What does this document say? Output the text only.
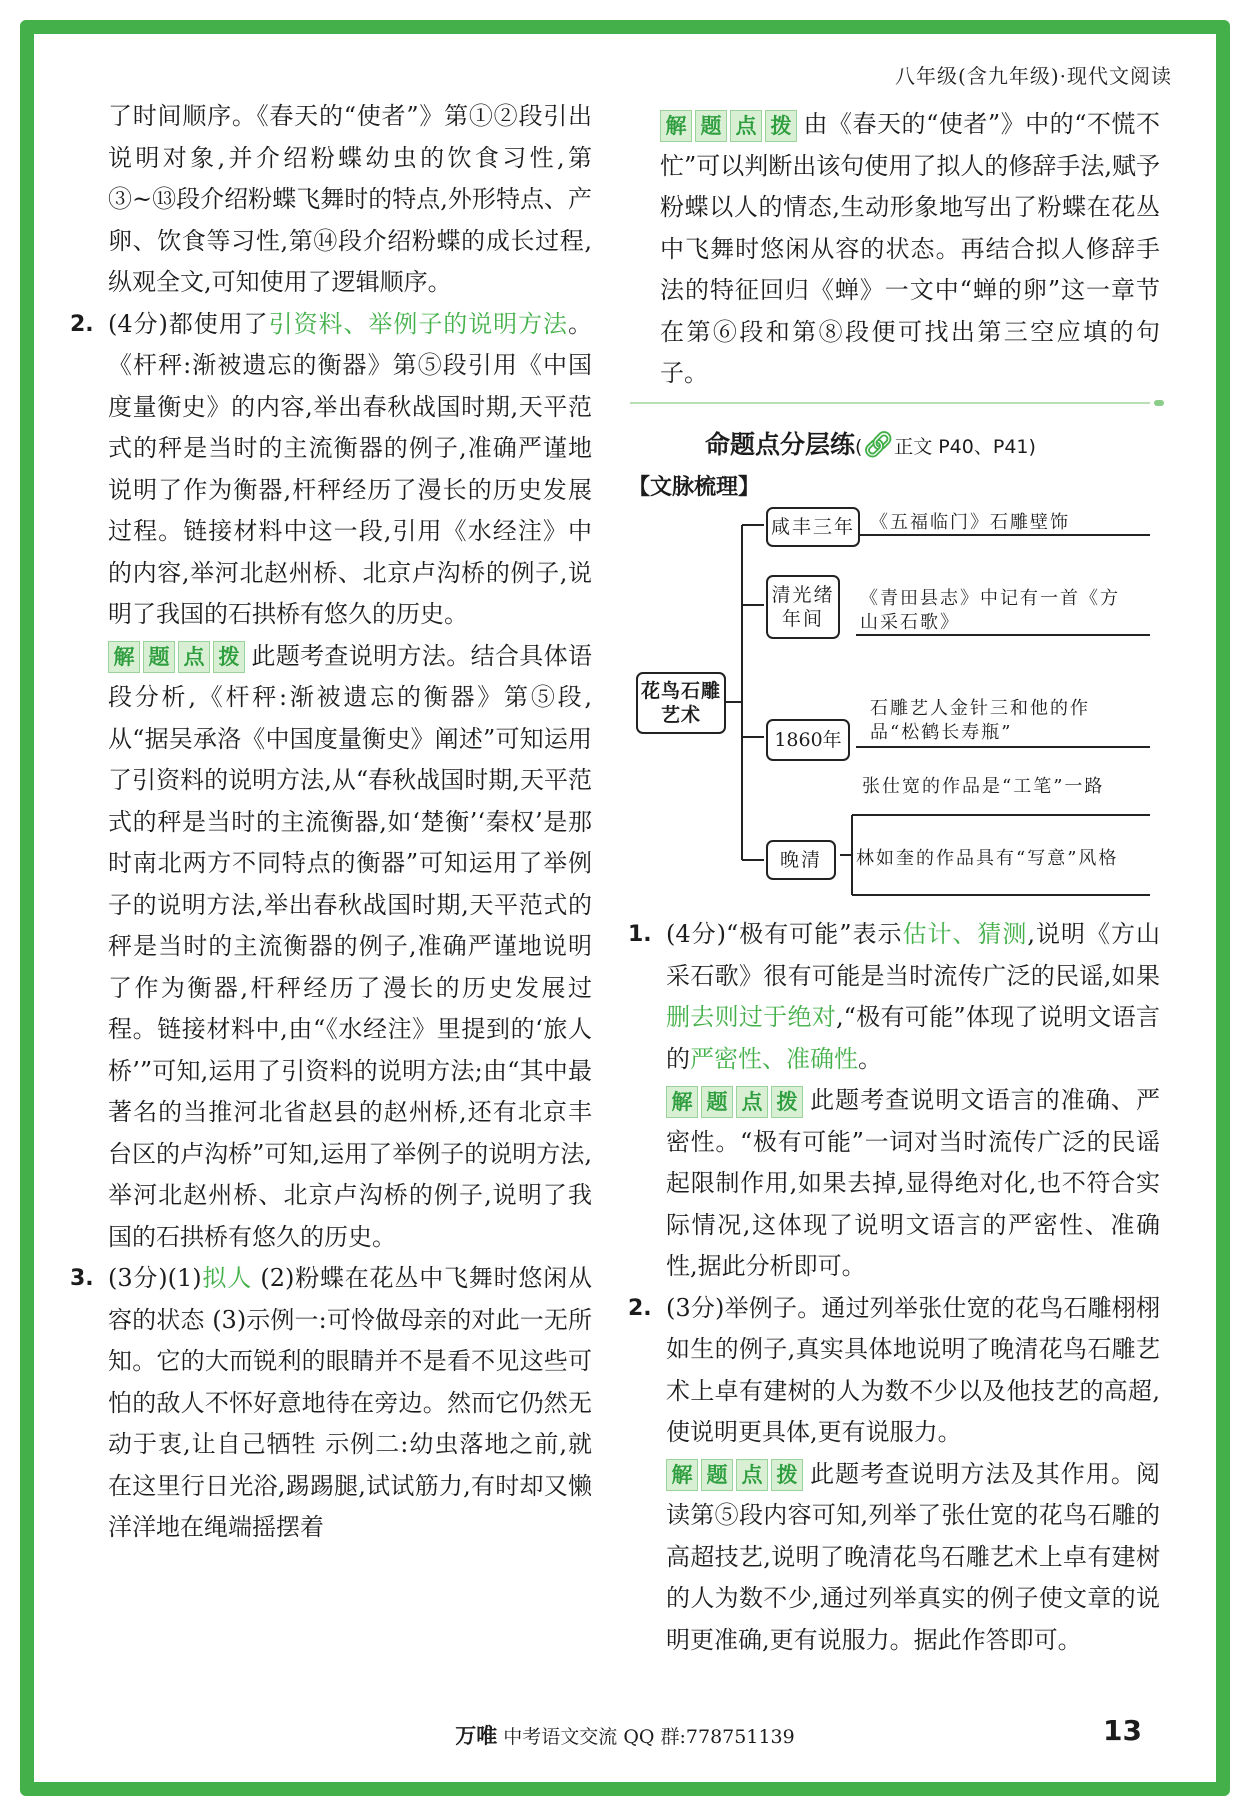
八年级(含九年级)·现代文阅读

了时间顺序。《春天的“使者”》第①②段引出说明对象,并介绍粉蝶幼虫的饮食习性,第③~⑬段介绍粉蝶飞舞时的特点,外形特点、产卵、饮食等习性,第⑭段介绍粉蝶的成长过程,纵观全文,可知使用了逻辑顺序。

2. (4分)都使用了引资料、举例子的说明方法。《杆秤:渐被遗忘的衡器》第⑤段引用《中国度量衡史》的内容,举出春秋战国时期,天平范式的秤是当时的主流衡器的例子,准确严谨地说明了作为衡器,杆秤经历了漫长的历史发展过程。链接材料中这一段,引用《水经注》中的内容,举河北赵州桥、北京卢沟桥的例子,说明了我国的石拱桥有悠久的历史。
解 题 点 拨 此题考查说明方法。结合具体语段分析,《杆秤:渐被遗忘的衡器》第⑤段,从“据吴承洛《中国度量衡史》阐述”可知运用了引资料的说明方法,从“春秋战国时期,天平范式的秤是当时的主流衡器,如‘楚衡’‘秦权’是那时南北两方不同特点的衡器”可知运用了举例子的说明方法,举出春秋战国时期,天平范式的秤是当时的主流衡器的例子,准确严谨地说明了作为衡器,杆秤经历了漫长的历史发展过程。链接材料中,由“《水经注》里提到的‘旅人桥’”可知,运用了引资料的说明方法;由“其中最著名的当推河北省赵县的赵州桥,还有北京丰台区的卢沟桥”可知,运用了举例子的说明方法,举河北赵州桥、北京卢沟桥的例子,说明了我国的石拱桥有悠久的历史。
3. (3分)(1)拟人 (2)粉蝶在花丛中飞舞时悠闲从容的状态 (3)示例一:可怜做母亲的对此一无所知。它的大而锐利的眼睛并不是看不见这些可怕的敌人不怀好意地待在旁边。然而它仍然无动于衷,让自己牺牲 示例二:幼虫落地之前,就在这里行日光浴,踢踢腿,试试筋力,有时却又懒洋洋地在绳端摇摆着
解 题 点 拨 由《春天的“使者”》中的“不慌不忙”可以判断出该句使用了拟人的修辞手法,赋予粉蝶以人的情态,生动形象地写出了粉蝶在花丛中飞舞时悠闲从容的状态。再结合拟人修辞手法的特征回归《蝉》一文中“蝉的卵”这一章节在第⑥段和第⑧段便可找出第三空应填的句子。
命题点分层练(🔗︎正文 P40、P41)
【文脉梳理】
花鸟石雕艺术
咸丰三年 《五福临门》石雕壁饰
清光绪年间
《青田县志》中记有一首《方山采石歌》
1860年
石雕艺人金针三和他的作品“松鹤长寿瓶”
张仕宽的作品是“工笔”一路
晚清	林如奎的作品具有“写意”风格
1. (4分)“极有可能”表示估计、猜测,说明《方山采石歌》很有可能是当时流传广泛的民谣,如果删去则过于绝对,“极有可能”体现了说明文语言的严密性、准确性。
解 题 点 拨 此题考查说明文语言的准确、严密性。“极有可能”一词对当时流传广泛的民谣起限制作用,如果去掉,显得绝对化,也不符合实际情况,这体现了说明文语言的严密性、准确性,据此分析即可。
2. (3分)举例子。通过列举张仕宽的花鸟石雕栩栩如生的例子,真实具体地说明了晚清花鸟石雕艺术上卓有建树的人为数不少以及他技艺的高超,使说明更具体,更有说服力。
解 题 点 拨 此题考查说明方法及其作用。阅读第⑤段内容可知,列举了张仕宽的花鸟石雕的高超技艺,说明了晚清花鸟石雕艺术上卓有建树的人为数不少,通过列举真实的例子使文章的说明更准确,更有说服力。据此作答即可。
万唯 中考语文交流 QQ 群:778751139	13
